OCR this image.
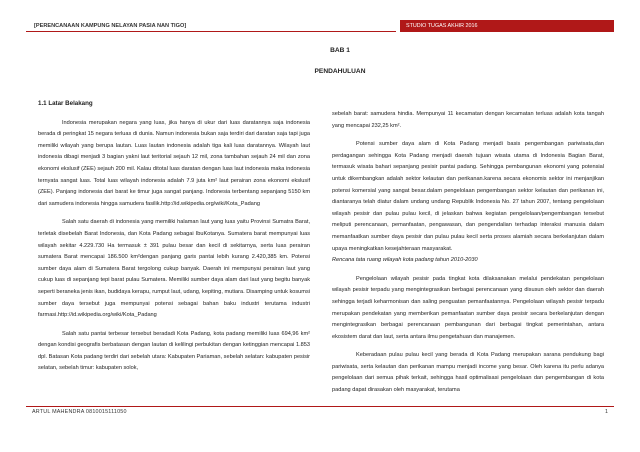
[PERENCANAAN KAMPUNG NELAYAN PASIA NAN TIGO]	STUDIO TUGAS AKHIR 2016
BAB 1
PENDAHULUAN
1.1 Latar Belakang

Indonesia merupakan negara yang luas, jika hanya di ukur dari luas daratannya saja indonesia berada di peringkat 15 negara terluas di dunia. Namun indonesia bukan saja terdiri dari daratan saja tapi juga memiliki wilayah yang berupa lautan. Luas lautan indonesia adalah tiga kali luas daratannya. Wilayah laut indonesia dibagi menjadi 3 bagian yakni laut teritorial sejauh 12 mil, zona tambahan sejauh 24 mil dan zona ekonomi ekslusif (ZEE) sejauh 200 mil. Kalau ditotal luas daratan dengan luas laut indonesia maka indonesia ternyata sangat luas. Total luas wilayah indonesia adalah 7.9 juta km² laut perairan zona ekonomi ekslusif (ZEE). Panjang indonesia dari barat ke timur juga sangat panjang. Indonesia terbentang sepanjang 5150 km dari samudera indonesia hingga samudera fasilik.http://id.wikipedia.org/wiki/Kota_Padang

Salah satu daerah di indonesia yang memiliki halaman laut yang luas yaitu Provinsi Sumatra Barat, terletak disebelah Barat Indonesia, dan Kota Padang sebagai IbuKotanya. Sumatera barat mempunyai luas wilayah sekitar 4.229.730 Ha termasuk ± 391 pulau besar dan kecil di sekitarnya, serta luas perairan sumatera Barat mencapai 186.500 km²dengan panjang garis pantai lebih kurang 2.420,385 km. Potensi sumber daya alam di Sumatera Barat tergolong cukup banyak. Daerah ini mempunyai perairan laut yang cukup luas di sepanjang tepi barat pulau Sumatera. Memiliki sumber daya alam dari laut yang begitu banyak seperti beraneka jenis ikan, budidaya kerapu, rumput laut, udang, kepiting, mutiara. Disamping untuk kosumsi sumber daya tersebut juga mempunyai potensi sebagai bahan baku industri terutama industri farmasi.http://id.wikipedia.org/wiki/Kota_Padang

Salah satu pantai terbesar tersebut beradadi Kota Padang, kota padang memiliki luas 694,96 km² dengan kondisi geografis berbatasan dengan lautan di kelilingi perbukitan dengan ketinggian mencapai 1.853 dpl. Batasan Kota padang terdiri dari sebelah utara: Kabupaten Pariaman, sebelah selatan: kabupaten pesisir selatan, sebelah timur: kabupaten solok,

sebelah barat: samudera hindia. Mempunyai 11 kecamatan dengan kecamatan terluas adalah kota tangah yang mencapai 232,25 km².

Potensi sumber daya alam di Kota Padang menjadi basis pengembangan pariwisata,dan perdagangan sehingga Kota Padang menjadi daerah tujuan wisata utama di Indonesia Bagian Barat, termasuk wisata bahari sepanjang pesisir pantai padang. Sehingga pembangunan ekonomi yang potensial untuk dikembangkan adalah sektor kelautan dan perikanan.karena secara ekonomis sektor ini menjanjikan potensi komersial yang sangat besar.dalam pengelolaan pengembangan sektor kelautan dan perikanan ini, diantaranya telah diatur dalam undang undang Republik Indonesia No. 27 tahun 2007, tentang pengelolaan wilayah pesisir dan pulau pulau kecil, di jelaskan bahwa kegiatan pengelolaan/pengembangan tersebut meliputi perencanaan, pemanfaatan, pengawasan, dan pengendalian terhadap interaksi manusia dalam memanfaatkan sumber daya pesisir dan pulau pulau kecil serta proses alamiah secara berkelanjutan dalam upaya meningkatkan kesejahteraan masyarakat.

Rencana tata ruang wilayah kota padang tahun 2010-2030

Pengelolaan wilayah pesisir pada tingkat kota dilaksanakan melalui pendekatan pengelolaan wilayah pesisir terpadu yang mengintegrasikan berbagai perencanaan yang disusun oleh sektor dan daerah sehingga terjadi keharmonisan dan saling penguatan pemanfaatannya. Pengelolaan wilayah pesisir terpadu merupakan pendekatan yang memberikan pemanfaatan sumber daya pesisir secara berkelanjutan dengan mengintegrasikan berbagai perencanaan pembangunan dari berbagai tingkat pemerintahan, antara ekosistem darat dan laut, serta antara ilmu pengetahuan dan manajemen.

Keberadaan pulau pulau kecil yang berada di Kota Padang merupakan sarana pendukung bagi pariwisata, serta kelautan dan perikanan mampu menjadi income yang besar. Oleh karena itu perlu adanya pengelolaan dari semua pihak terkait, sehingga hasil optimalisasi pengelolaan dan pengembangan di kota padang dapat dirasakan oleh masyarakat, terutama

ARTUL MAHENDRA 0810015111050	1
